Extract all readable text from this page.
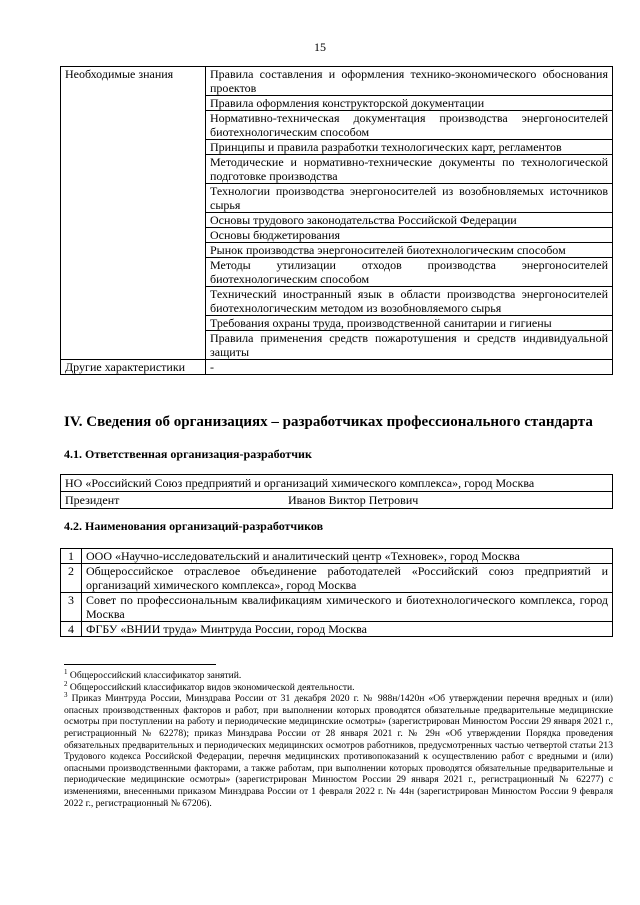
15
Необходимые знания	Правила составления и оформления технико-экономического обоснования проектов
	Правила оформления конструкторской документации
	Нормативно-техническая документация производства энергоносителей биотехнологическим способом
	Принципы и правила разработки технологических карт, регламентов
	Методические и нормативно-технические документы по технологической подготовке производства
	Технологии производства энергоносителей из возобновляемых источников сырья
	Основы трудового законодательства Российской Федерации
	Основы бюджетирования
	Рынок производства энергоносителей биотехнологическим способом
	Методы утилизации отходов производства энергоносителей биотехнологическим способом
	Технический иностранный язык в области производства энергоносителей биотехнологическим методом из возобновляемого сырья
	Требования охраны труда, производственной санитарии и гигиены
	Правила применения средств пожаротушения и средств индивидуальной защиты
Другие характеристики	-
IV. Сведения об организациях – разработчиках профессионального стандарта
4.1. Ответственная организация-разработчик
НО «Российский Союз предприятий и организаций химического комплекса», город Москва
Президент	Иванов Виктор Петрович
4.2. Наименования организаций-разработчиков
1	ООО «Научно-исследовательский и аналитический центр «Техновек», город Москва
2	Общероссийское отраслевое объединение работодателей «Российский союз предприятий и организаций химического комплекса», город Москва
3	Совет по профессиональным квалификациям химического и биотехнологического комплекса, город Москва
4	ФГБУ «ВНИИ труда» Минтруда России, город Москва

$^1$ Общероссийский классификатор занятий.

$^2$ Общероссийский классификатор видов экономической деятельности.

$^3$ Приказ Минтруда России, Минздрава России от 31 декабря 2020 г. № 988н/1420н «Об утверждении перечня вредных и (или) опасных производственных факторов и работ, при выполнении которых проводятся обязательные предварительные медицинские осмотры при поступлении на работу и периодические медицинские осмотры» (зарегистрирован Минюстом России 29 января 2021 г., регистрационный № 62278); приказ Минздрава России от 28 января 2021 г. № 29н «Об утверждении Порядка проведения обязательных предварительных и периодических медицинских осмотров работников, предусмотренных частью четвертой статьи 213 Трудового кодекса Российской Федерации, перечня медицинских противопоказаний к осуществлению работ с вредными и (или) опасными производственными факторами, а также работам, при выполнении которых проводятся обязательные предварительные и периодические медицинские осмотры» (зарегистрирован Минюстом России 29 января 2021 г., регистрационный № 62277) с изменениями, внесенными приказом Минздрава России от 1 февраля 2022 г. № 44н (зарегистрирован Минюстом России 9 февраля 2022 г., регистрационный № 67206).
